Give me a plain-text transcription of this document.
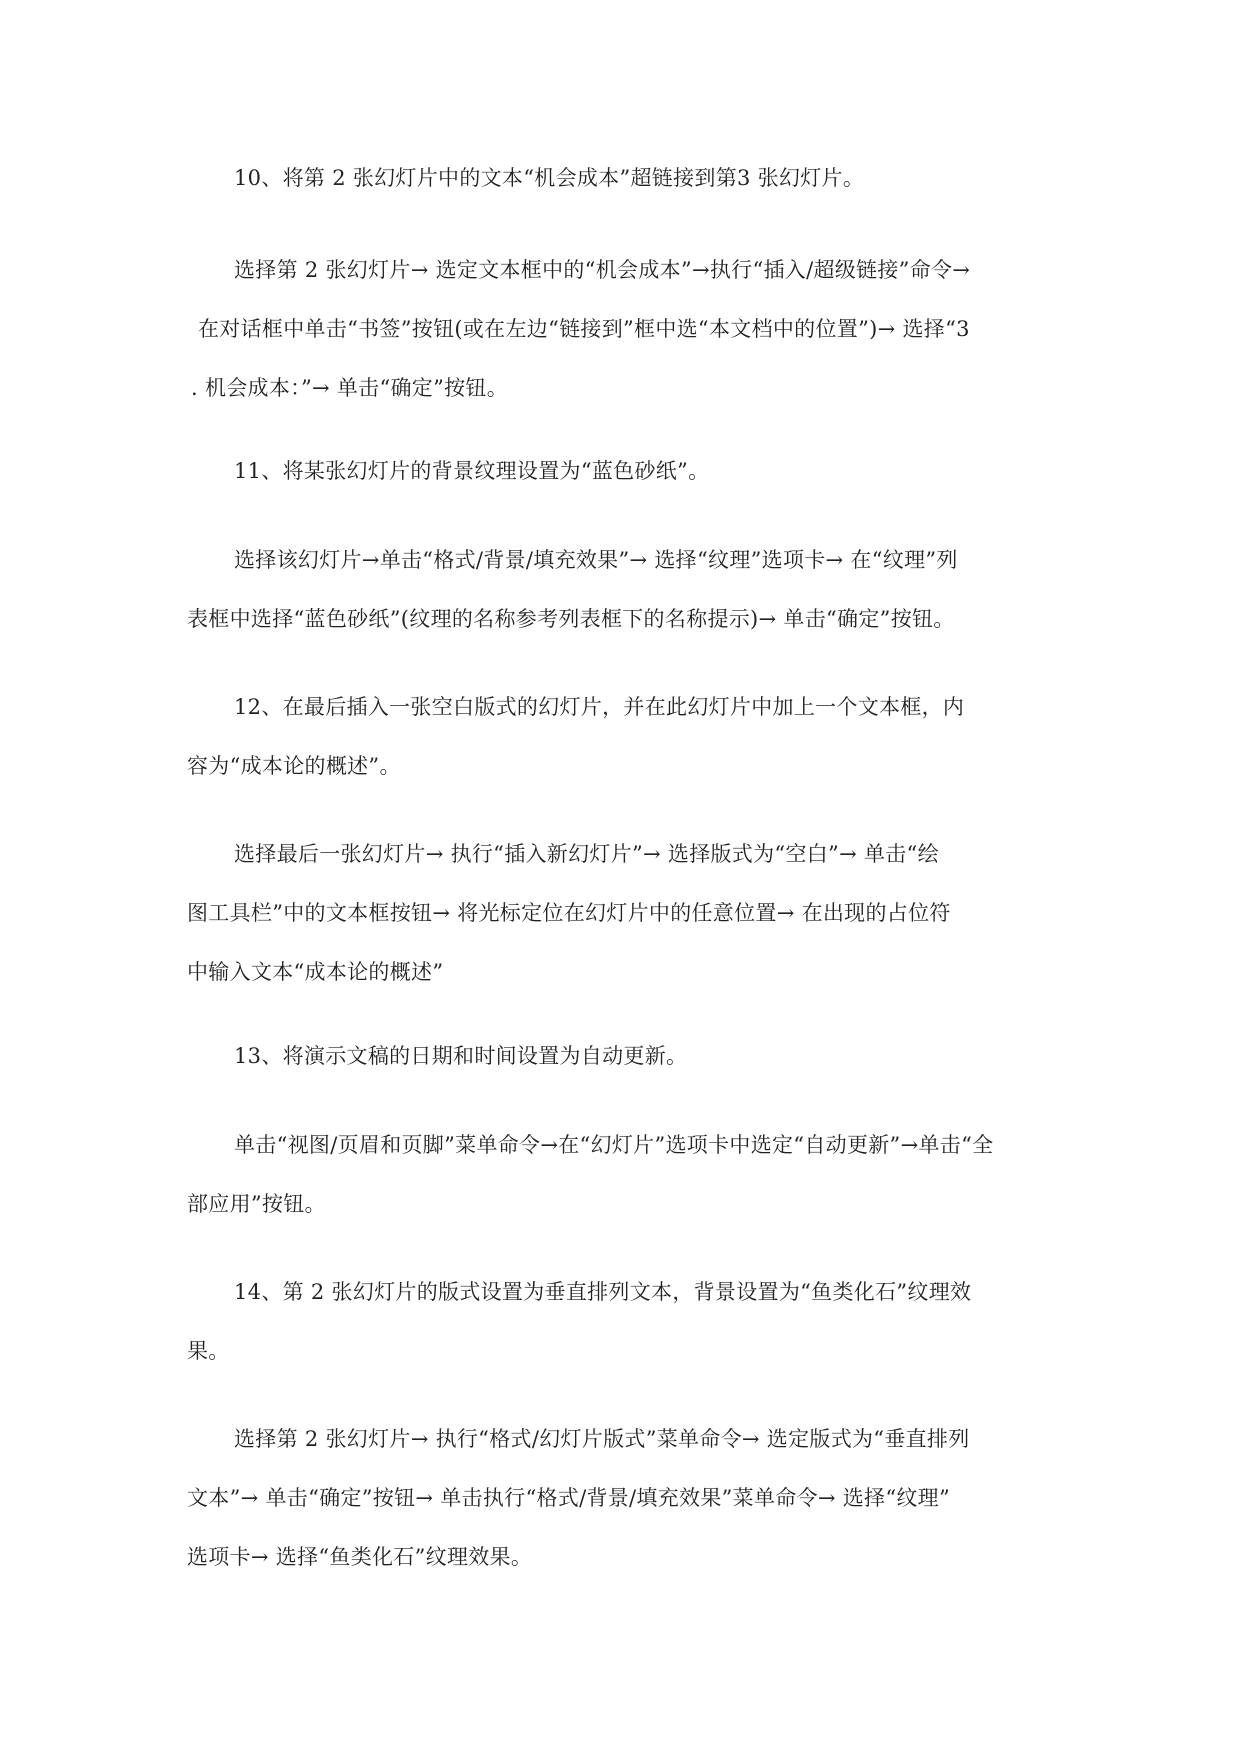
10、将第 2 张幻灯片中的文本“机会成本”超链接到第3 张幻灯片。

选择第 2 张幻灯片→ 选定文本框中的“机会成本”→执行“插入/超级链接”命令→

在对话框中单击“书签”按钮(或在左边“链接到”框中选“本文档中的位置”)→ 选择“3

. 机会成本：”→ 单击“确定”按钮。

11、将某张幻灯片的背景纹理设置为“蓝色砂纸”。

选择该幻灯片→单击“格式/背景/填充效果”→ 选择“纹理”选项卡→ 在“纹理”列

表框中选择“蓝色砂纸”(纹理的名称参考列表框下的名称提示)→ 单击“确定”按钮。

12、在最后插入一张空白版式的幻灯片，并在此幻灯片中加上一个文本框，内

容为“成本论的概述”。

选择最后一张幻灯片→ 执行“插入新幻灯片”→ 选择版式为“空白”→ 单击“绘

图工具栏”中的文本框按钮→ 将光标定位在幻灯片中的任意位置→ 在出现的占位符

中输入文本“成本论的概述”

13、将演示文稿的日期和时间设置为自动更新。

单击“视图/页眉和页脚”菜单命令→在“幻灯片”选项卡中选定“自动更新”→单击“全

部应用”按钮。

14、第 2 张幻灯片的版式设置为垂直排列文本，背景设置为“鱼类化石”纹理效

果。

选择第 2 张幻灯片→ 执行“格式/幻灯片版式”菜单命令→ 选定版式为“垂直排列

文本”→ 单击“确定”按钮→ 单击执行“格式/背景/填充效果”菜单命令→ 选择“纹理”

选项卡→ 选择“鱼类化石”纹理效果。
